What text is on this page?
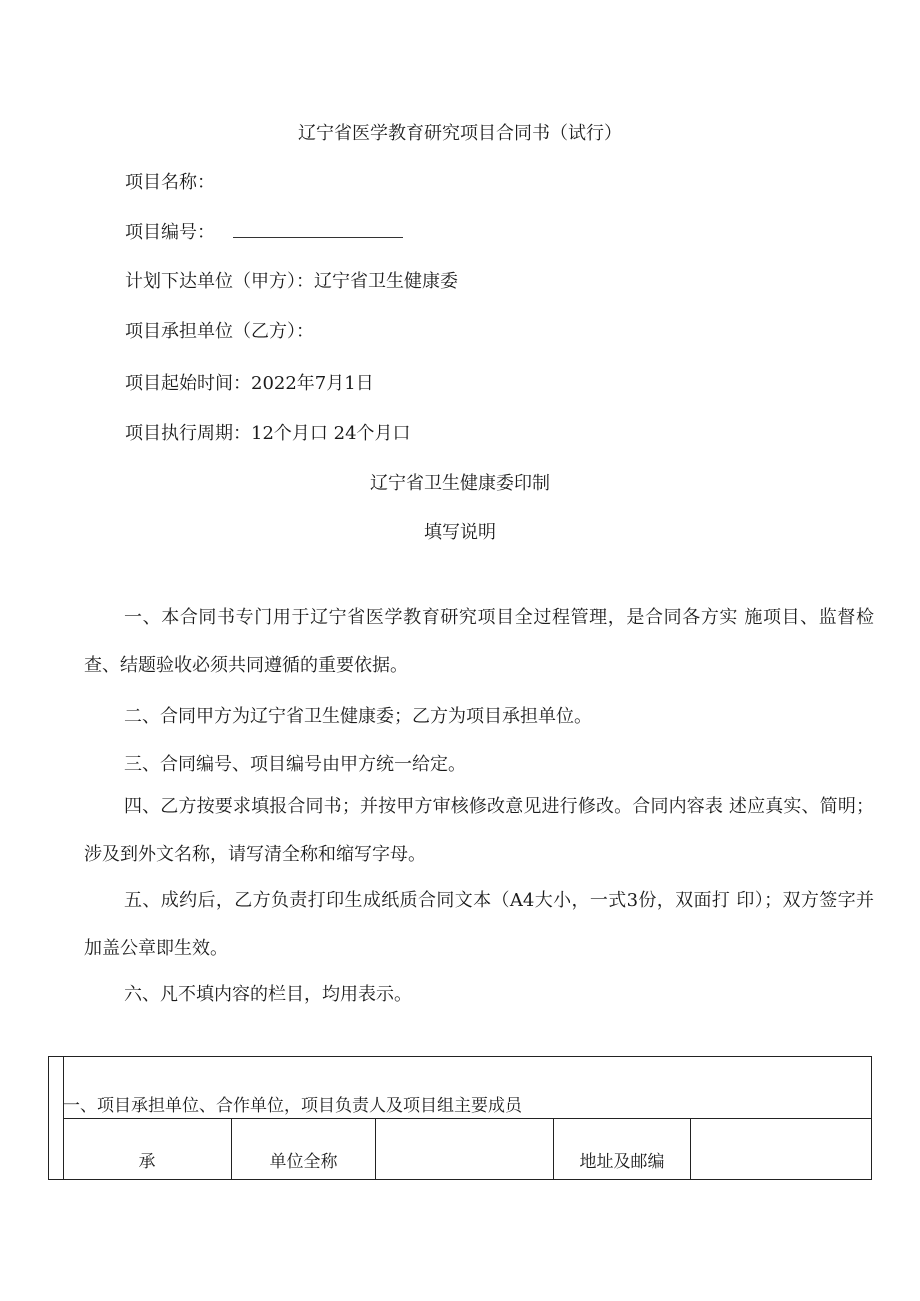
辽宁省医学教育研究项目合同书（试行）
项目名称：
项目编号：
计划下达单位（甲方）：辽宁省卫生健康委
项目承担单位（乙方）：
项目起始时间：2022年7月1日
项目执行周期：12个月口 24个月口
辽宁省卫生健康委印制
填写说明
一、本合同书专门用于辽宁省医学教育研究项目全过程管理，是合同各方实 施项目、监督检查、结题验收必须共同遵循的重要依据。
二、合同甲方为辽宁省卫生健康委；乙方为项目承担单位。
三、合同编号、项目编号由甲方统一给定。
四、乙方按要求填报合同书；并按甲方审核修改意见进行修改。合同内容表 述应真实、简明；涉及到外文名称，请写清全称和缩写字母。
五、成约后，乙方负责打印生成纸质合同文本（A4大小，一式3份，双面打 印）；双方签字并加盖公章即生效。
六、凡不填内容的栏目，均用表示。
一、项目承担单位、合作单位，项目负责人及项目组主要成员
承	单位全称	地址及邮编
